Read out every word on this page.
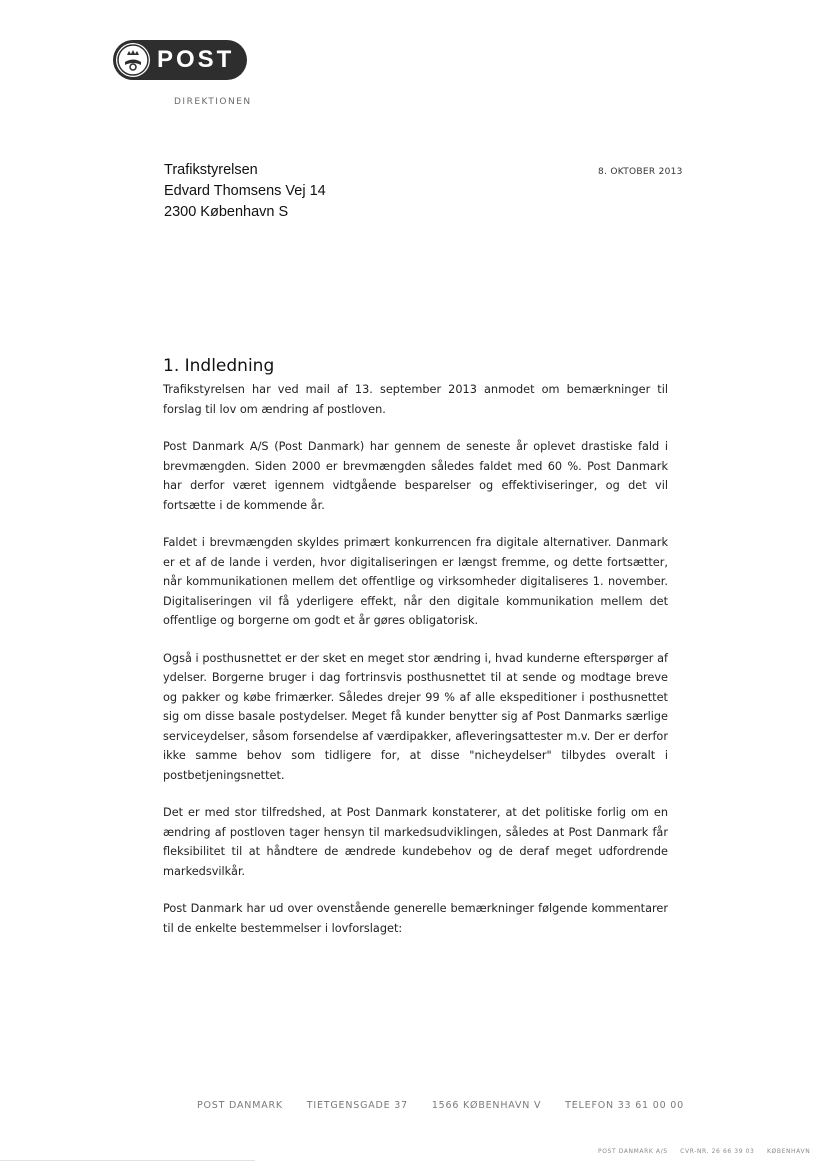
POST
DIREKTIONEN
Trafikstyrelsen
Edvard Thomsens Vej 14
2300 København S
8. OKTOBER 2013
1. Indledning

Trafikstyrelsen har ved mail af 13. september 2013 anmodet om bemærkninger til forslag til lov om ændring af postloven.

Post Danmark A/S (Post Danmark) har gennem de seneste år oplevet drastiske fald i brevmængden. Siden 2000 er brevmængden således faldet med 60 %. Post Danmark har derfor været igennem vidtgående besparelser og effektiviseringer, og det vil fortsætte i de kommende år.

Faldet i brevmængden skyldes primært konkurrencen fra digitale alternativer. Danmark er et af de lande i verden, hvor digitaliseringen er længst fremme, og dette fortsætter, når kommunikationen mellem det offentlige og virksomheder digitaliseres 1. november. Digitaliseringen vil få yderligere effekt, når den digitale kommunikation mellem det offentlige og borgerne om godt et år gøres obligatorisk.

Også i posthusnettet er der sket en meget stor ændring i, hvad kunderne efterspørger af ydelser. Borgerne bruger i dag fortrinsvis posthusnettet til at sende og modtage breve og pakker og købe frimærker. Således drejer 99 % af alle ekspeditioner i posthusnettet sig om disse basale postydelser. Meget få kunder benytter sig af Post Danmarks særlige serviceydelser, såsom forsendelse af værdipakker, afleveringsattester m.v. Der er derfor ikke samme behov som tidligere for, at disse "nicheydelser" tilbydes overalt i postbetjeningsnettet.

Det er med stor tilfredshed, at Post Danmark konstaterer, at det politiske forlig om en ændring af postloven tager hensyn til markedsudviklingen, således at Post Danmark får fleksibilitet til at håndtere de ændrede kundebehov og de deraf meget udfordrende markedsvilkår.

Post Danmark har ud over ovenstående generelle bemærkninger følgende kommentarer til de enkelte bestemmelser i lovforslaget:

POST DANMARK	TIETGENSGADE 37	1566 KØBENHAVN V	TELEFON 33 61 00 00
POST DANMARK A/S CVR-NR. 26 66 39 03 KØBENHAVN
